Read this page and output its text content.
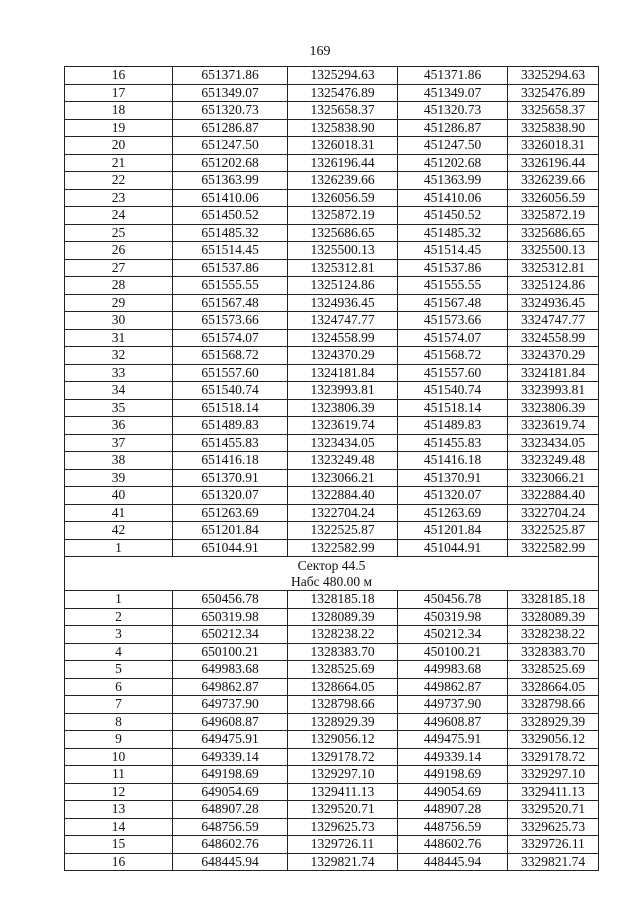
169
16	651371.86	1325294.63	451371.86	3325294.63
17	651349.07	1325476.89	451349.07	3325476.89
18	651320.73	1325658.37	451320.73	3325658.37
19	651286.87	1325838.90	451286.87	3325838.90
20	651247.50	1326018.31	451247.50	3326018.31
21	651202.68	1326196.44	451202.68	3326196.44
22	651363.99	1326239.66	451363.99	3326239.66
23	651410.06	1326056.59	451410.06	3326056.59
24	651450.52	1325872.19	451450.52	3325872.19
25	651485.32	1325686.65	451485.32	3325686.65
26	651514.45	1325500.13	451514.45	3325500.13
27	651537.86	1325312.81	451537.86	3325312.81
28	651555.55	1325124.86	451555.55	3325124.86
29	651567.48	1324936.45	451567.48	3324936.45
30	651573.66	1324747.77	451573.66	3324747.77
31	651574.07	1324558.99	451574.07	3324558.99
32	651568.72	1324370.29	451568.72	3324370.29
33	651557.60	1324181.84	451557.60	3324181.84
34	651540.74	1323993.81	451540.74	3323993.81
35	651518.14	1323806.39	451518.14	3323806.39
36	651489.83	1323619.74	451489.83	3323619.74
37	651455.83	1323434.05	451455.83	3323434.05
38	651416.18	1323249.48	451416.18	3323249.48
39	651370.91	1323066.21	451370.91	3323066.21
40	651320.07	1322884.40	451320.07	3322884.40
41	651263.69	1322704.24	451263.69	3322704.24
42	651201.84	1322525.87	451201.84	3322525.87
1	651044.91	1322582.99	451044.91	3322582.99

Сектор 44.5
Набс 480.00 м				

1	650456.78	1328185.18	450456.78	3328185.18
2	650319.98	1328089.39	450319.98	3328089.39
3	650212.34	1328238.22	450212.34	3328238.22
4	650100.21	1328383.70	450100.21	3328383.70
5	649983.68	1328525.69	449983.68	3328525.69
6	649862.87	1328664.05	449862.87	3328664.05
7	649737.90	1328798.66	449737.90	3328798.66
8	649608.87	1328929.39	449608.87	3328929.39
9	649475.91	1329056.12	449475.91	3329056.12
10	649339.14	1329178.72	449339.14	3329178.72
11	649198.69	1329297.10	449198.69	3329297.10
12	649054.69	1329411.13	449054.69	3329411.13
13	648907.28	1329520.71	448907.28	3329520.71
14	648756.59	1329625.73	448756.59	3329625.73
15	648602.76	1329726.11	448602.76	3329726.11
16	648445.94	1329821.74	448445.94	3329821.74
